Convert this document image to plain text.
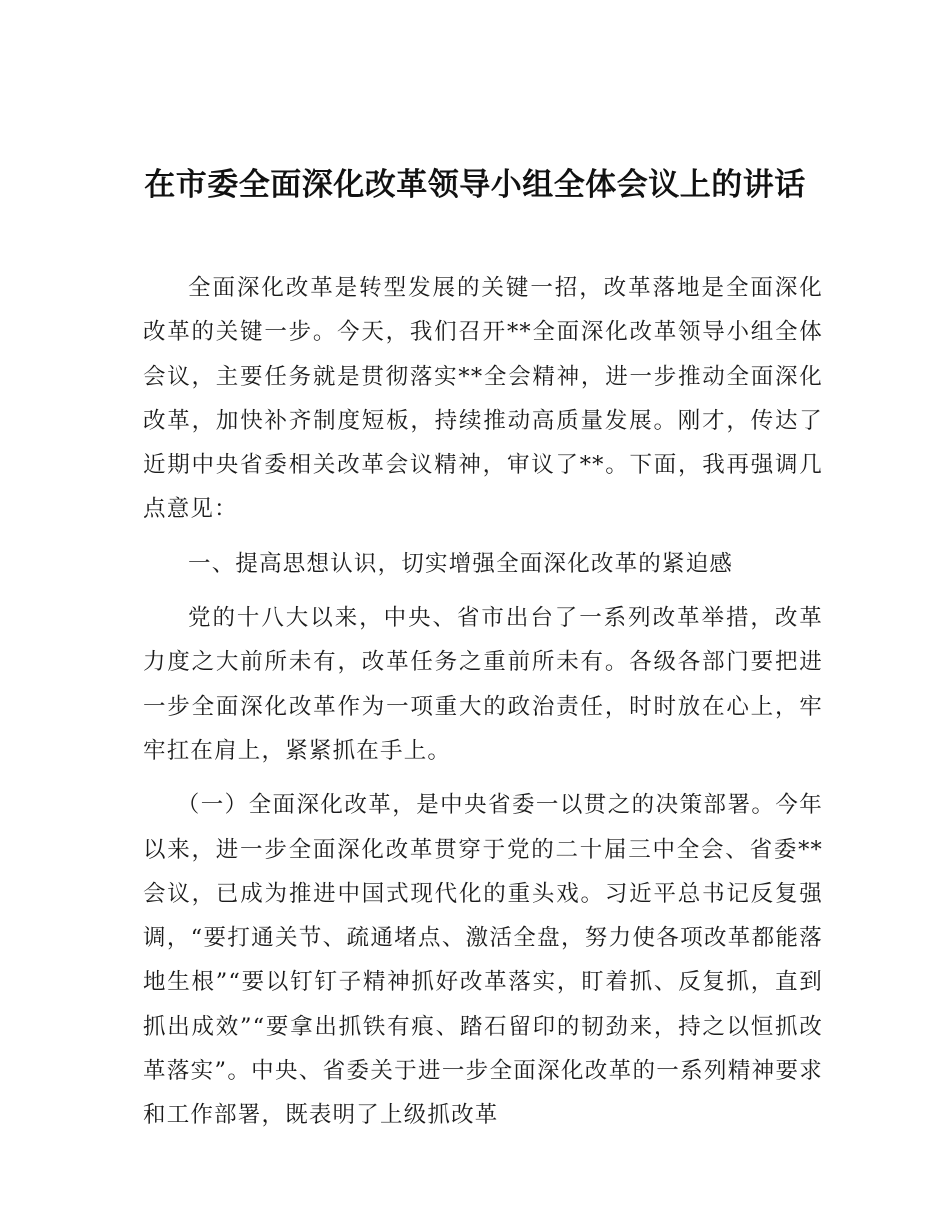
在市委全面深化改革领导小组全体会议上的讲话

全面深化改革是转型发展的关键一招，改革落地是全面深化改革的关键一步。今天，我们召开**全面深化改革领导小组全体会议，主要任务就是贯彻落实**全会精神，进一步推动全面深化改革，加快补齐制度短板，持续推动高质量发展。刚才，传达了近期中央省委相关改革会议精神，审议了**。下面，我再强调几点意见：

一、提高思想认识，切实增强全面深化改革的紧迫感

党的十八大以来，中央、省市出台了一系列改革举措，改革力度之大前所未有，改革任务之重前所未有。各级各部门要把进一步全面深化改革作为一项重大的政治责任，时时放在心上，牢牢扛在肩上，紧紧抓在手上。

（一）全面深化改革，是中央省委一以贯之的决策部署。今年以来，进一步全面深化改革贯穿于党的二十届三中全会、省委**会议，已成为推进中国式现代化的重头戏。习近平总书记反复强调，“要打通关节、疏通堵点、激活全盘，努力使各项改革都能落地生根”“要以钉钉子精神抓好改革落实，盯着抓、反复抓，直到抓出成效”“要拿出抓铁有痕、踏石留印的韧劲来，持之以恒抓改革落实”。中央、省委关于进一步全面深化改革的一系列精神要求和工作部署，既表明了上级抓改革
